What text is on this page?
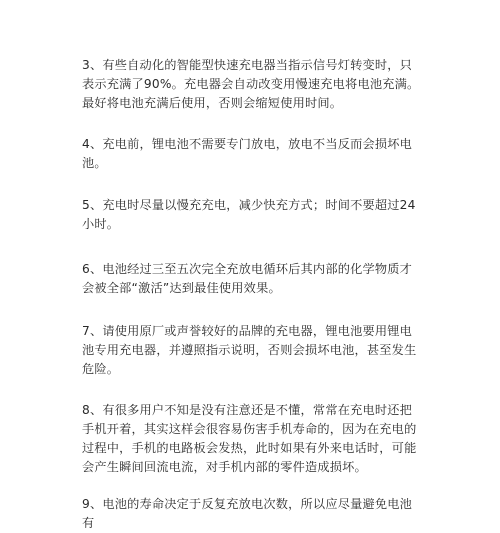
3、有些自动化的智能型快速充电器当指示信号灯转变时，只表示充满了90%。充电器会自动改变用慢速充电将电池充满。最好将电池充满后使用，否则会缩短使用时间。

4、充电前，锂电池不需要专门放电，放电不当反而会损坏电池。

5、充电时尽量以慢充充电，减少快充方式；时间不要超过24小时。

6、电池经过三至五次完全充放电循环后其内部的化学物质才会被全部“激活”达到最佳使用效果。

7、请使用原厂或声誉较好的品牌的充电器，锂电池要用锂电池专用充电器，并遵照指示说明，否则会损坏电池，甚至发生危险。

8、有很多用户不知是没有注意还是不懂，常常在充电时还把手机开着，其实这样会很容易伤害手机寿命的，因为在充电的过程中，手机的电路板会发热，此时如果有外来电话时，可能会产生瞬间回流电流，对手机内部的零件造成损坏。

9、电池的寿命决定于反复充放电次数，所以应尽量避免电池有
